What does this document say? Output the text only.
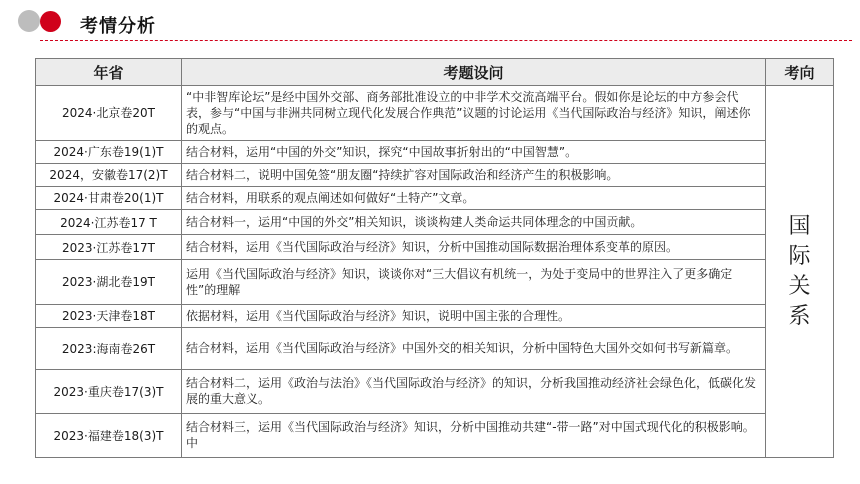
考情分析
年省	考题设问	考向
2024·北京卷20T	“中非智库论坛”是经中国外交部、商务部批准设立的中非学术交流高端平台。假如你是论坛的中方参会代表，参与“中国与非洲共同树立现代化发展合作典范”议题的讨论运用《当代国际政治与经济》知识，阐述你的观点。	国
际
关
系

2024·广东卷19(1)T	结合材料，运用“中国的外交”知识，探究“中国故事折射出的“中国智慧”。	
2024，安徽卷17(2)T	结合材料二，说明中国免签“朋友圈“持续扩容对国际政治和经济产生的积极影响。	
2024·甘肃卷20(1)T	结合材料，用联系的观点阐述如何做好“土特产”文章。	
2024·江苏卷17 T	结合材料一，运用“中国的外交”相关知识，谈谈构建人类命运共同体理念的中国贡献。	
2023·江苏卷17T	结合材料，运用《当代国际政治与经济》知识，分析中国推动国际数据治理体系变革的原因。	
2023·湖北卷19T	运用《当代国际政治与经济》知识，谈谈你对“三大倡议有机统一，为处于变局中的世界注入了更多确定性”的理解	
2023·天津卷18T	依据材料，运用《当代国际政治与经济》知识，说明中国主张的合理性。	
2023:海南卷26T	结合材料，运用《当代国际政治与经济》中国外交的相关知识，分析中国特色大国外交如何书写新篇章。	
2023·重庆卷17(3)T	结合材料二，运用《政治与法治》《当代国际政治与经济》的知识，分析我国推动经济社会绿色化，低碳化发展的重大意义。	
2023·福建卷18(3)T	结合材料三，运用《当代国际政治与经济》知识，分析中国推动共建“-带一路”对中国式现代化的积极影响。中	
